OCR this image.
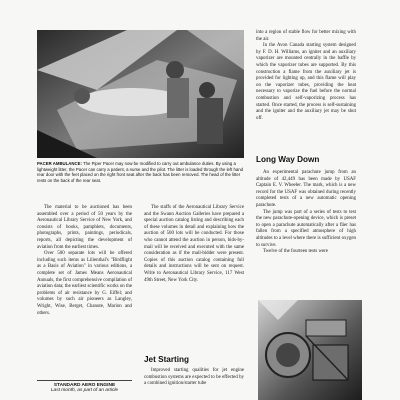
PACER AMBULANCE: The Piper Pacer may now be modified to carry out ambulance duties. By using a lightweight litter, the Pacer can carry a patient, a nurse and the pilot. The litter is loaded through the left hand rear door with the feet placed on the right front seat after the back has been removed. The head of the litter rests on the back of the rear seat.

The material to be auctioned has been assembled over a period of 50 years by the Aeronautical Library Service of New York, and consists of books, pamphlets, documents, photographs, prints, paintings, periodicals, reports, all depicting the development of aviation from the earliest times.

Over 500 separate lots will be offered including such items as Lilienthal's "Birdflight as a Basis of Aviation" in various editions, a complete set of James Means Aeronautical Annuals, the first comprehensive compilation of aviation data; the earliest scientific works on the problems of air resistance by G. Eiffel; and volumes by such air pioneers as Langley, Wright, Wise, Berget, Chanute, Marion and others.

STANDARD AERO ENGINE
Last month, as part of an article

The staffs of the Aeronautical Library Service and the Swann Auction Galleries have prepared a special auction catalog listing and describing each of these volumes in detail and explaining how the auction of 500 lots will be conducted. For those who cannot attend the auction in person, bids-by-mail will be received and executed with the same consideration as if the mail-bidder were present. Copies of this auction catalog containing full details and instructions will be sent on request. Write to Aeronautical Library Service, 117 West 49th Street, New York City.

Jet Starting

Improved starting qualities for jet engine combustion systems are expected to be effected by a combined ignition/starter tube

into a region of stable flow for better mixing with the air.

In the Avon Canada starting system designed by F. D. H. Williams, an igniter and an auxiliary vaporizer are mounted centrally in the baffle by which the vaporizer tubes are supported. By this construction a flame from the auxiliary jet is provided for lighting up, and this flame will play on the vaporizer tubes, providing the heat necessary to vaporize the fuel before the normal combustion and self-vaporizing process has started. Once started, the process is self-sustaining and the igniter and the auxiliary jet may be shut off.

Long Way Down

An experimental parachute jump from an altitude of 42,449 has been made by USAF Captain E. V. Wheeler. The mark, which is a new record for the USAF was obtained during recently completed tests of a new automatic opening parachute.

The jump was part of a series of tests to test the new parachute-opening device, which is preset to open a parachute automatically after a flier has fallen from a specified atmosphere of high altitudes to a level where there is sufficient oxygen to survive.

Twelve of the fourteen tests were
